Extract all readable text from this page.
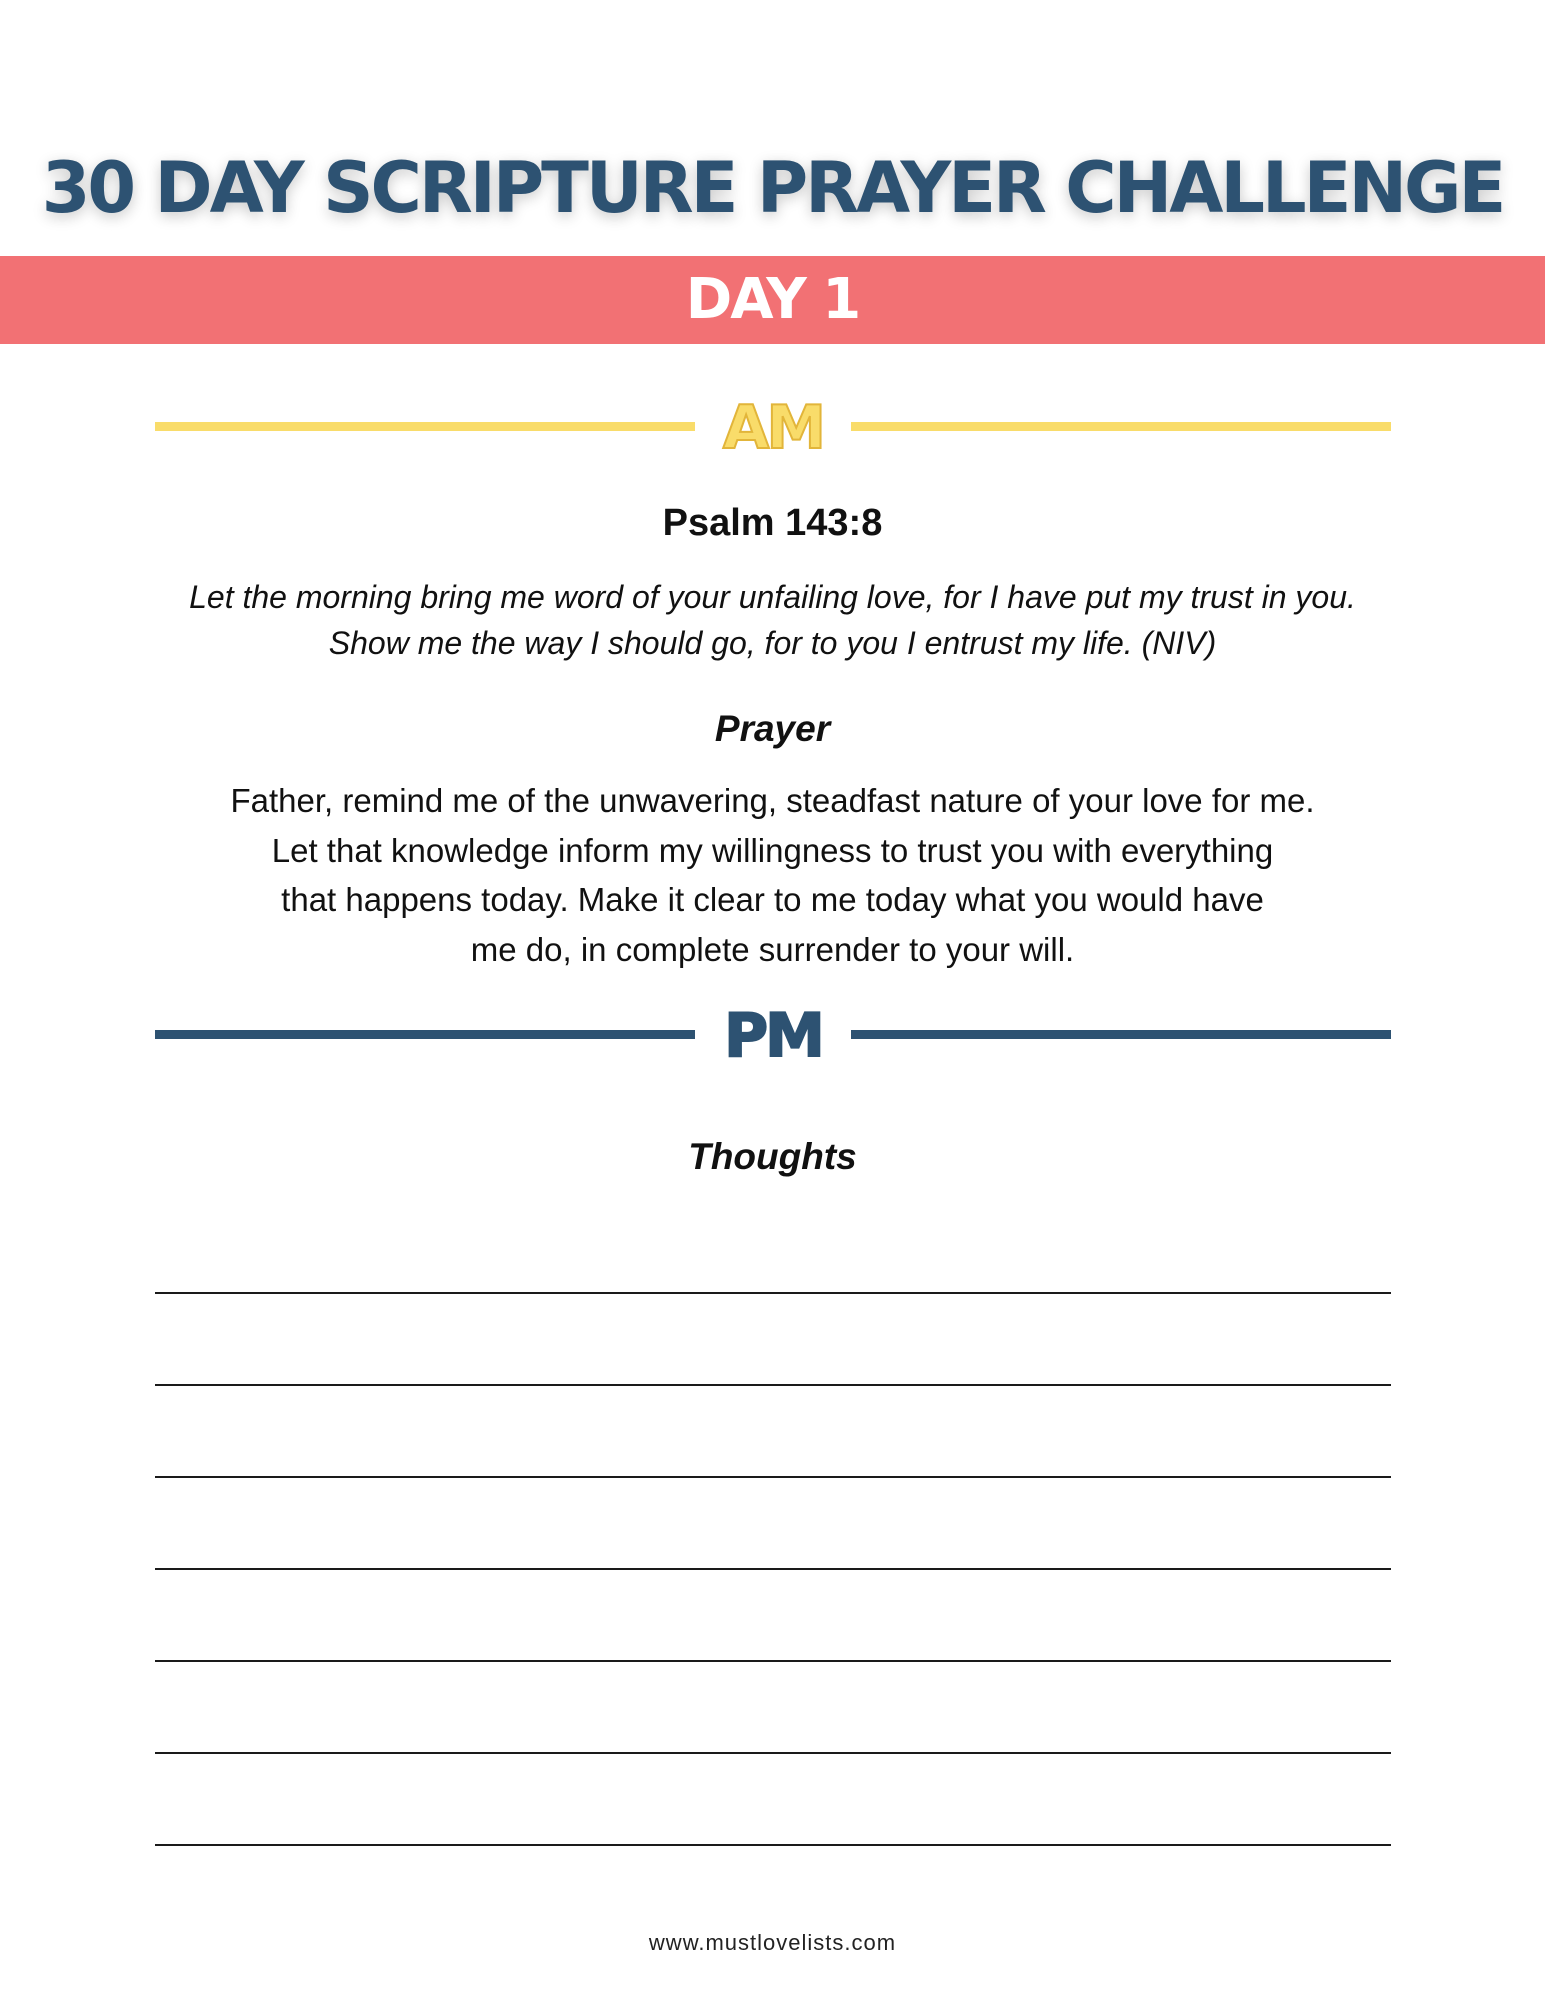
30 DAY SCRIPTURE PRAYER CHALLENGE
DAY 1
AM
Psalm 143:8
Let the morning bring me word of your unfailing love, for I have put my trust in you.
Show me the way I should go, for to you I entrust my life. (NIV)
Prayer
Father, remind me of the unwavering, steadfast nature of your love for me.
Let that knowledge inform my willingness to trust you with everything
that happens today. Make it clear to me today what you would have
me do, in complete surrender to your will.
PM
Thoughts
www.mustlovelists.com
